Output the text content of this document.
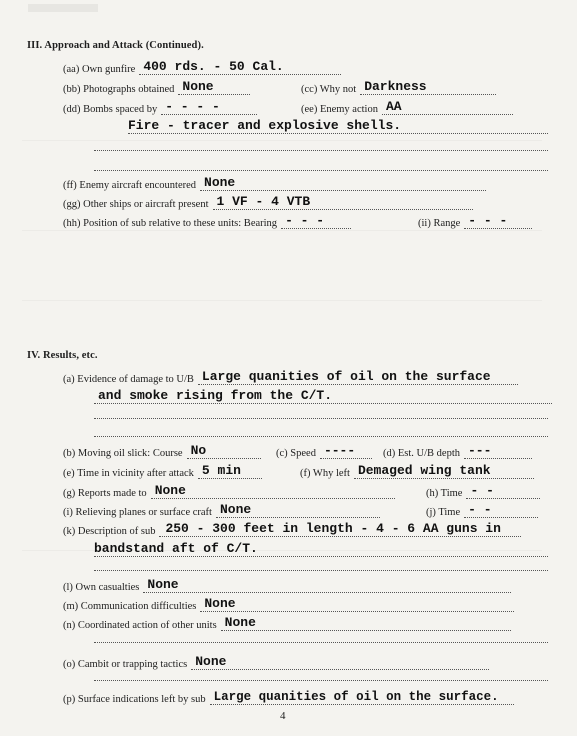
III. Approach and Attack (Continued).
(aa) Own gunfire 400 rds. - 50 Cal.
(bb) Photographs obtained None	(cc) Why not Darkness
(dd) Bombs spaced by - - - -	(ee) Enemy action AA
Fire - tracer and explosive shells.
(ff) Enemy aircraft encountered None
(gg) Other ships or aircraft present 1 VF - 4 VTB
(hh) Position of sub relative to these units: Bearing - - -	(ii) Range - - -
IV. Results, etc.
(a) Evidence of damage to U/B Large quanities of oil on the surface
and smoke rising from the C/T.
(b) Moving oil slick: Course No	(c) Speed ----	(d) Est. U/B depth ---
(e) Time in vicinity after attack 5 min	(f) Why left Demaged wing tank
(g) Reports made to None	(h) Time - -
(i) Relieving planes or surface craft None	(j) Time - -
(k) Description of sub 250 - 300 feet in length - 4 - 6 AA guns in
bandstand aft of C/T.
(l) Own casualties None
(m) Communication difficulties None
(n) Coordinated action of other units None
(o) Cambit or trapping tactics None
(p) Surface indications left by sub Large quanities of oil on the surface.
4
